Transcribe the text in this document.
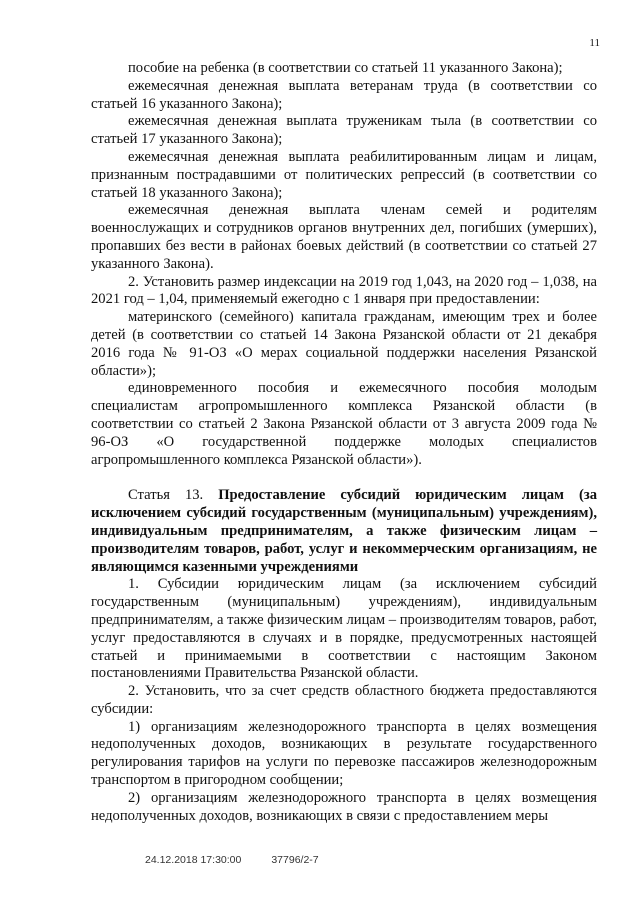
11

пособие на ребенка (в соответствии со статьей 11 указанного Закона);

ежемесячная денежная выплата ветеранам труда (в соответствии со статьей 16 указанного Закона);

ежемесячная денежная выплата труженикам тыла (в соответствии со статьей 17 указанного Закона);

ежемесячная денежная выплата реабилитированным лицам и лицам, признанным пострадавшими от политических репрессий (в соответствии со статьей 18 указанного Закона);

ежемесячная денежная выплата членам семей и родителям военнослужащих и сотрудников органов внутренних дел, погибших (умерших), пропавших без вести в районах боевых действий (в соответствии со статьей 27 указанного Закона).

2. Установить размер индексации на 2019 год 1,043, на 2020 год – 1,038, на 2021 год – 1,04, применяемый ежегодно с 1 января при предоставлении:

материнского (семейного) капитала гражданам, имеющим трех и более детей (в соответствии со статьей 14 Закона Рязанской области от 21 декабря 2016 года № 91-ОЗ «О мерах социальной поддержки населения Рязанской области»);

единовременного пособия и ежемесячного пособия молодым специалистам агропромышленного комплекса Рязанской области (в соответствии со статьей 2 Закона Рязанской области от 3 августа 2009 года № 96-ОЗ «О государственной поддержке молодых специалистов агропромышленного комплекса Рязанской области»).

Статья 13. Предоставление субсидий юридическим лицам (за исключением субсидий государственным (муниципальным) учреждениям), индивидуальным предпринимателям, а также физическим лицам – производителям товаров, работ, услуг и некоммерческим организациям, не являющимся казенными учреждениями

1. Субсидии юридическим лицам (за исключением субсидий государственным (муниципальным) учреждениям), индивидуальным предпринимателям, а также физическим лицам – производителям товаров, работ, услуг предоставляются в случаях и в порядке, предусмотренных настоящей статьей и принимаемыми в соответствии с настоящим Законом постановлениями Правительства Рязанской области.

2. Установить, что за счет средств областного бюджета предоставляются субсидии:

1) организациям железнодорожного транспорта в целях возмещения недополученных доходов, возникающих в результате государственного регулирования тарифов на услуги по перевозке пассажиров железнодорожным транспортом в пригородном сообщении;

2) организациям железнодорожного транспорта в целях возмещения недополученных доходов, возникающих в связи с предоставлением меры

24.12.2018 17:30:00	37796/2-7
